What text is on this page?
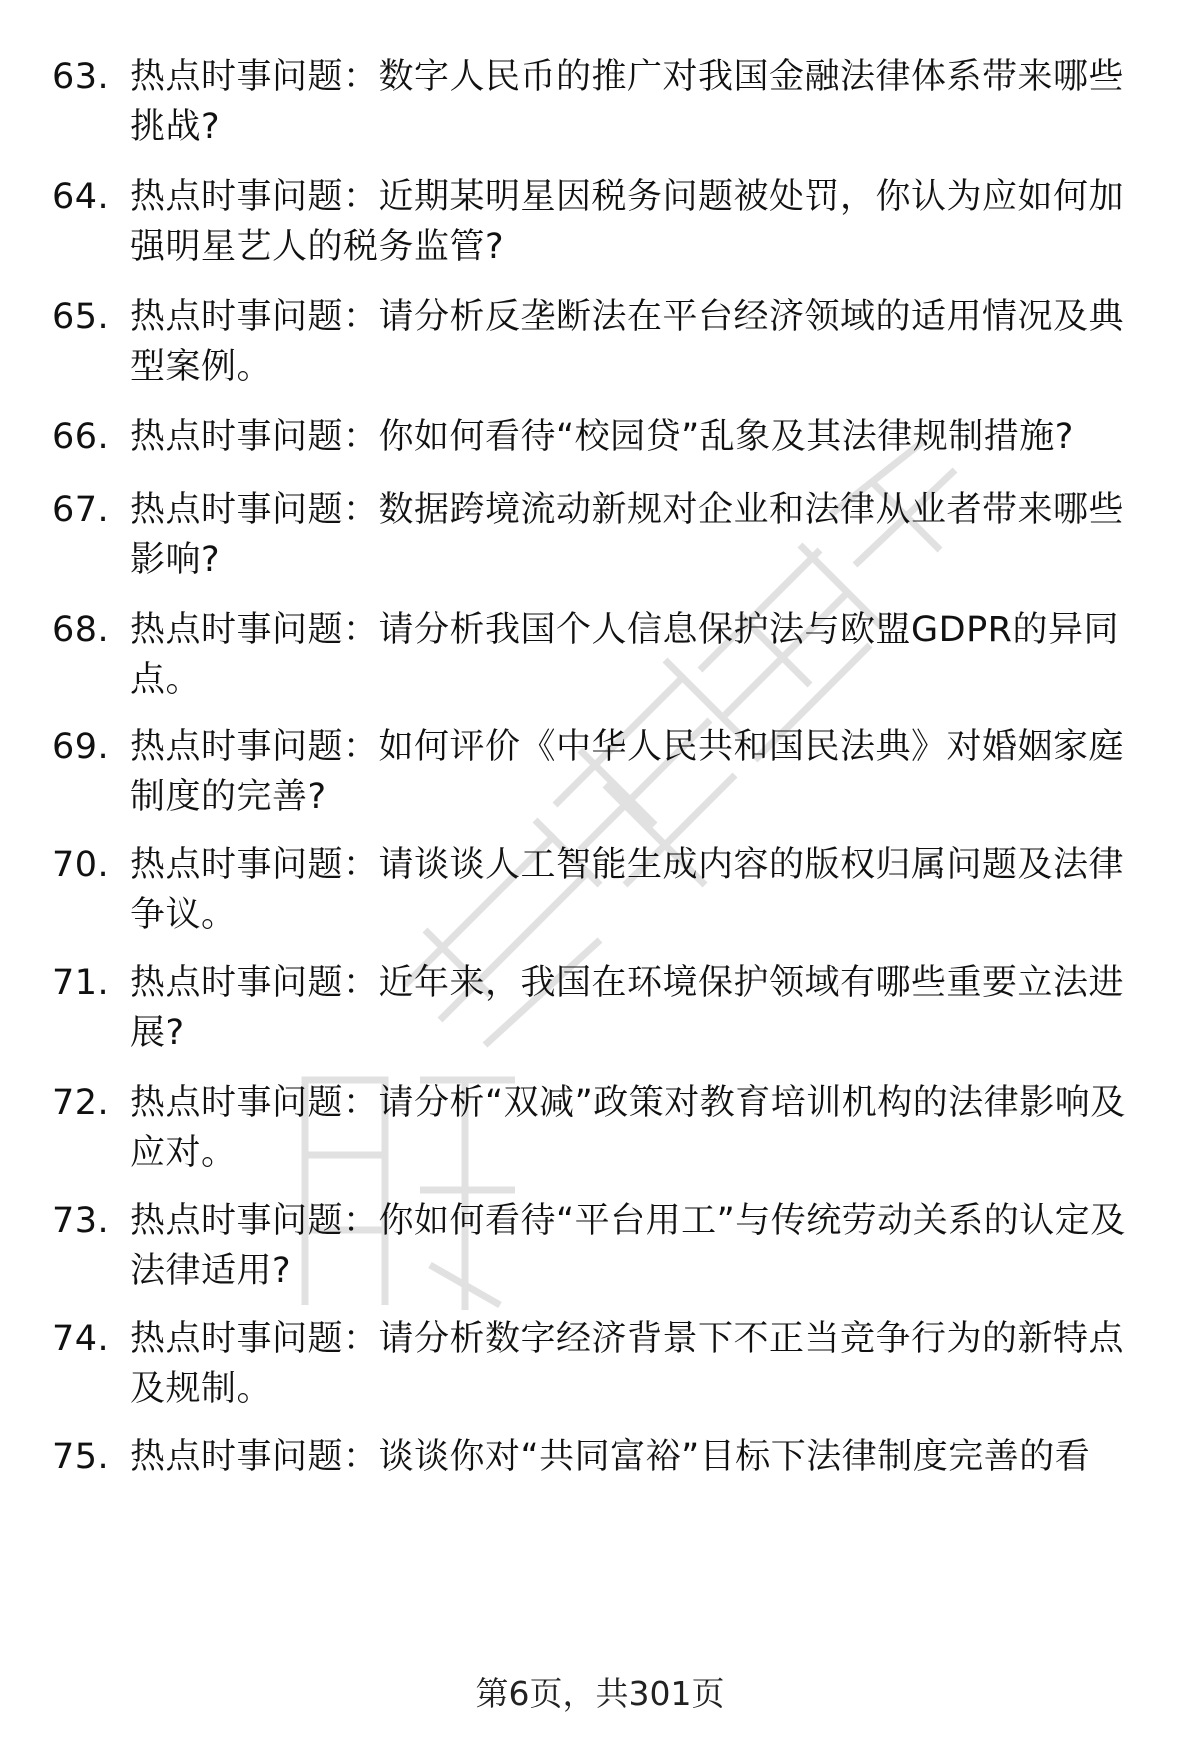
63. 热点时事问题：数字人民币的推广对我国金融法律体系带来哪些挑战?
64. 热点时事问题：近期某明星因税务问题被处罚，你认为应如何加强明星艺人的税务监管?
65. 热点时事问题：请分析反垄断法在平台经济领域的适用情况及典型案例。
66. 热点时事问题：你如何看待“校园贷”乱象及其法律规制措施?
67. 热点时事问题：数据跨境流动新规对企业和法律从业者带来哪些影响?
68. 热点时事问题：请分析我国个人信息保护法与欧盟GDPR的异同点。
69. 热点时事问题：如何评价《中华人民共和国民法典》对婚姻家庭制度的完善?
70. 热点时事问题：请谈谈人工智能生成内容的版权归属问题及法律争议。
71. 热点时事问题：近年来，我国在环境保护领域有哪些重要立法进展?
72. 热点时事问题：请分析“双减”政策对教育培训机构的法律影响及应对。
73. 热点时事问题：你如何看待“平台用工”与传统劳动关系的认定及法律适用?
74. 热点时事问题：请分析数字经济背景下不正当竞争行为的新特点及规制。
75. 热点时事问题：谈谈你对“共同富裕”目标下法律制度完善的看
第6页，共301页
